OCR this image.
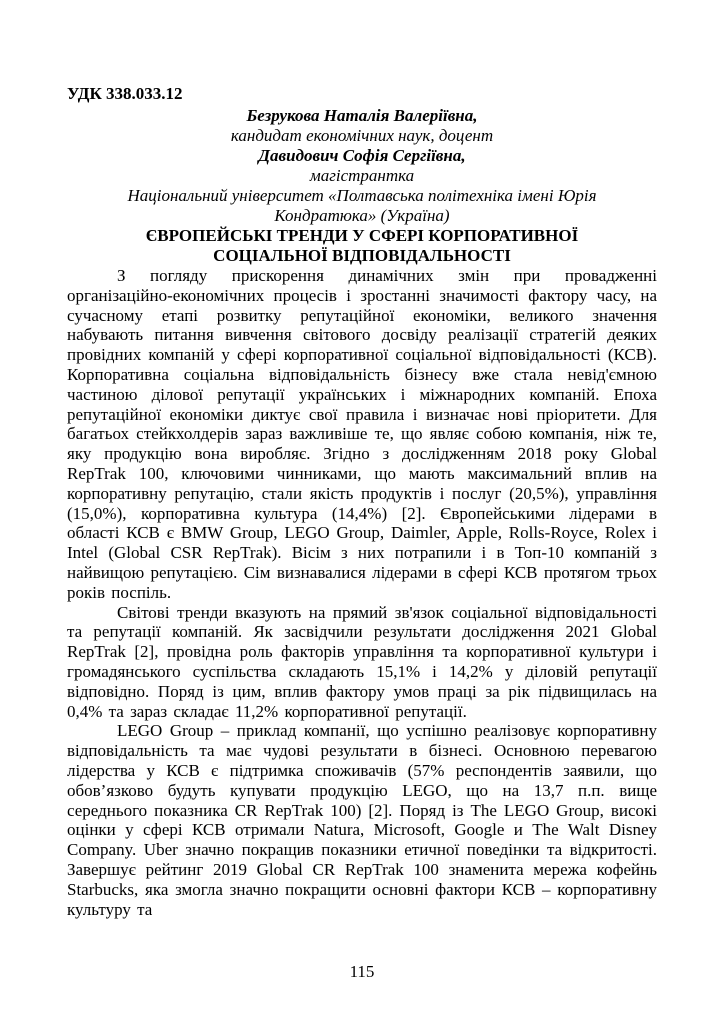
УДК 338.033.12
Безрукова Наталія Валеріївна,
кандидат економічних наук, доцент
Давидович Софія Сергіївна,
магістрантка
Національний університет «Полтавська політехніка імені Юрія Кондратюка» (Україна)
ЄВРОПЕЙСЬКІ ТРЕНДИ У СФЕРІ КОРПОРАТИВНОЇ СОЦІАЛЬНОЇ ВІДПОВІДАЛЬНОСТІ

З погляду прискорення динамічних змін при провадженні організаційно-економічних процесів і зростанні значимості фактору часу, на сучасному етапі розвитку репутаційної економіки, великого значення набувають питання вивчення світового досвіду реалізації стратегій деяких провідних компаній у сфері корпоративної соціальної відповідальності (КСВ). Корпоративна соціальна відповідальність бізнесу вже стала невід'ємною частиною ділової репутації українських і міжнародних компаній. Епоха репутаційної економіки диктує свої правила і визначає нові пріоритети. Для багатьох стейкхолдерів зараз важливіше те, що являє собою компанія, ніж те, яку продукцію вона виробляє. Згідно з дослідженням 2018 року Global RepTrak 100, ключовими чинниками, що мають максимальний вплив на корпоративну репутацію, стали якість продуктів і послуг (20,5%), управління (15,0%), корпоративна культура (14,4%) [2]. Європейськими лідерами в області КСВ є BMW Group, LEGO Group, Daimler, Apple, Rolls-Royce, Rolex і Intel (Global CSR RepTrak). Вісім з них потрапили і в Топ-10 компаній з найвищою репутацією. Сім визнавалися лідерами в сфері КСВ протягом трьох років поспіль.

Світові тренди вказують на прямий зв'язок соціальної відповідальності та репутації компаній. Як засвідчили результати дослідження 2021 Global RepTrak [2], провідна роль факторів управління та корпоративної культури і громадянського суспільства складають 15,1% і 14,2% у діловій репутації відповідно. Поряд із цим, вплив фактору умов праці за рік підвищилась на 0,4% та зараз складає 11,2% корпоративної репутації.

LEGO Group – приклад компанії, що успішно реалізовує корпоративну відповідальність та має чудові результати в бізнесі. Основною перевагою лідерства у КСВ є підтримка споживачів (57% респондентів заявили, що обов’язково будуть купувати продукцію LEGO, що на 13,7 п.п. вище середнього показника CR RepTrak 100) [2]. Поряд із The LEGO Group, високі оцінки у сфері КСВ отримали Natura, Microsoft, Google и The Walt Disney Company. Uber значно покращив показники етичної поведінки та відкритості. Завершує рейтинг 2019 Global CR RepTrak 100 знаменита мережа кофейнь Starbucks, яка змогла значно покращити основні фактори КСВ – корпоративну культуру та

115
